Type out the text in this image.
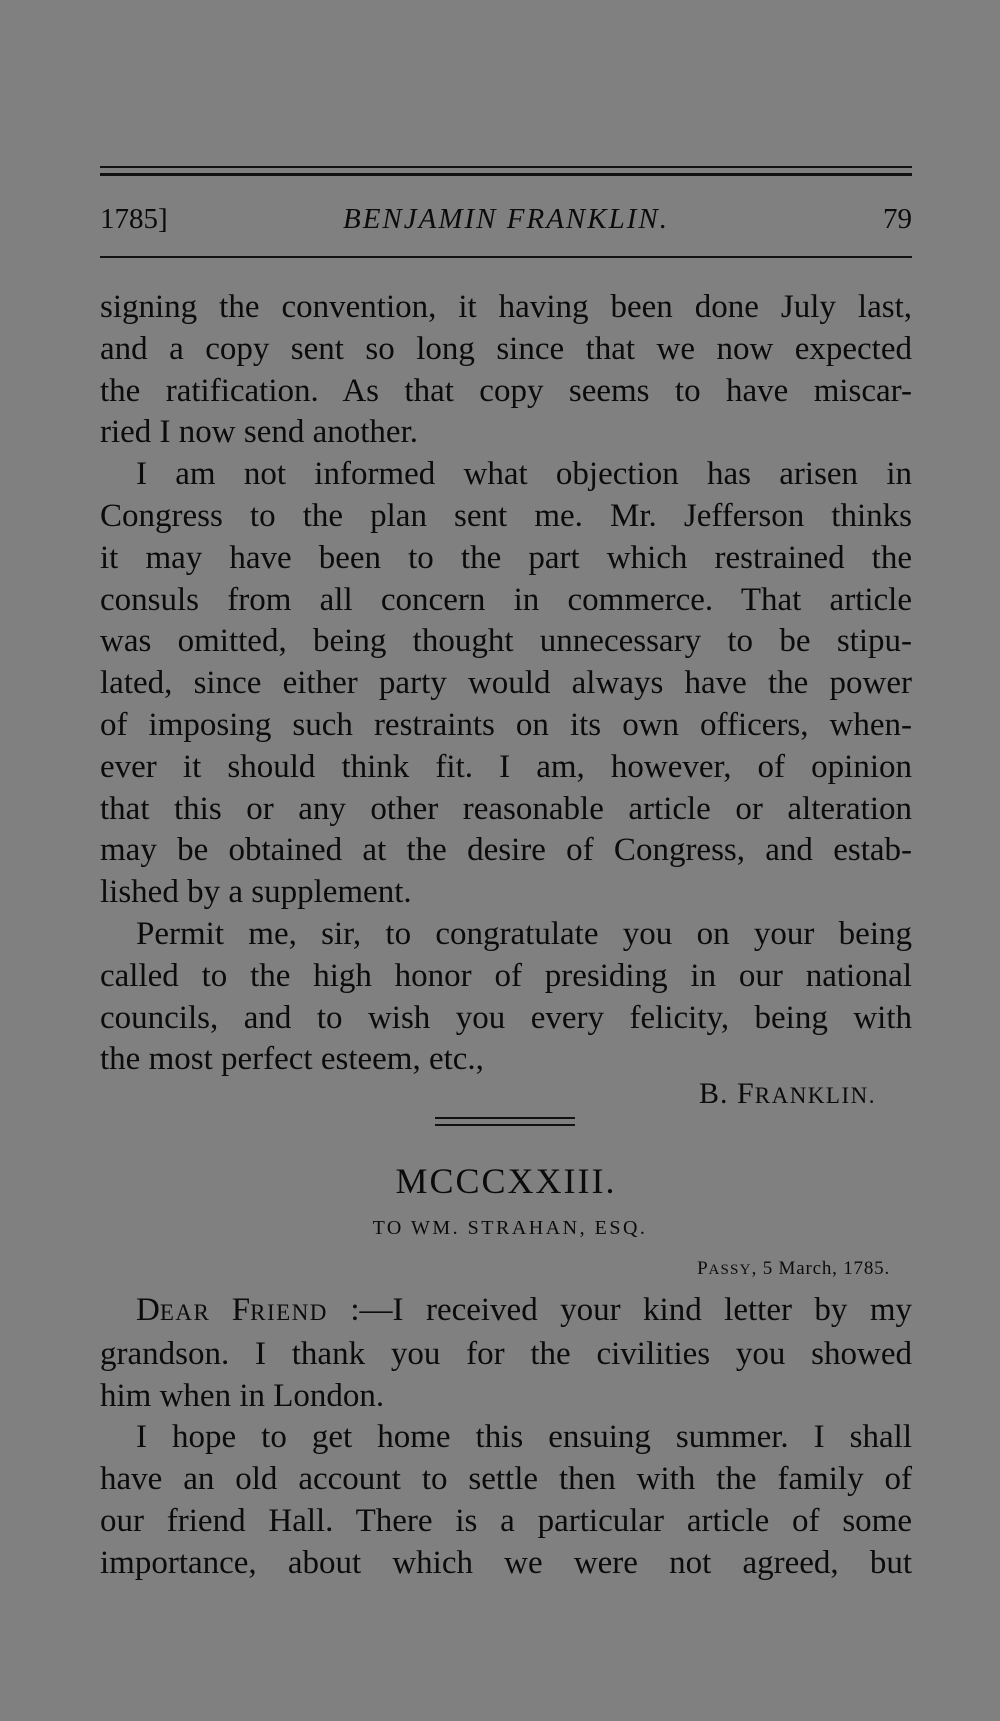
1785]	BENJAMIN FRANKLIN.	79
signing the convention, it having been done July last,
and a copy sent so long since that we now expected
the ratification. As that copy seems to have miscar-
ried I now send another.
I am not informed what objection has arisen in
Congress to the plan sent me. Mr. Jefferson thinks
it may have been to the part which restrained the
consuls from all concern in commerce. That article
was omitted, being thought unnecessary to be stipu-
lated, since either party would always have the power
of imposing such restraints on its own officers, when-
ever it should think fit. I am, however, of opinion
that this or any other reasonable article or alteration
may be obtained at the desire of Congress, and estab-
lished by a supplement.
Permit me, sir, to congratulate you on your being
called to the high honor of presiding in our national
councils, and to wish you every felicity, being with
the most perfect esteem, etc.,
B. FRANKLIN.
MCCCXXIII.
TO WM. STRAHAN, ESQ.
PASSY, 5 March, 1785.
DEAR FRIEND :—I received your kind letter by my
grandson. I thank you for the civilities you showed
him when in London.
I hope to get home this ensuing summer. I shall
have an old account to settle then with the family of
our friend Hall. There is a particular article of some
importance, about which we were not agreed, but
